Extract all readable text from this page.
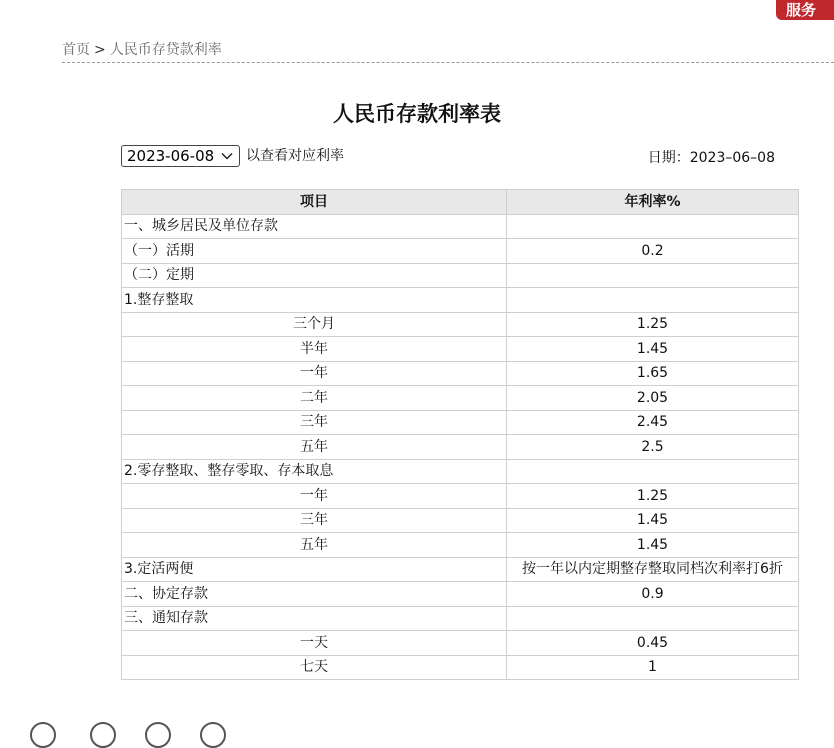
服务
首页 > 人民币存贷款利率
人民币存款利率表
2023-06-08 以查看对应利率	日期：2023–06–08
项目	年利率%
一、城乡居民及单位存款	
（一）活期	0.2
（二）定期	
1.整存整取	
三个月	1.25
半年	1.45
一年	1.65
二年	2.05
三年	2.45
五年	2.5
2.零存整取、整存零取、存本取息	
一年	1.25
三年	1.45
五年	1.45
3.定活两便	按一年以内定期整存整取同档次利率打6折
二、协定存款	0.9
三、通知存款	
一天	0.45
七天	1
